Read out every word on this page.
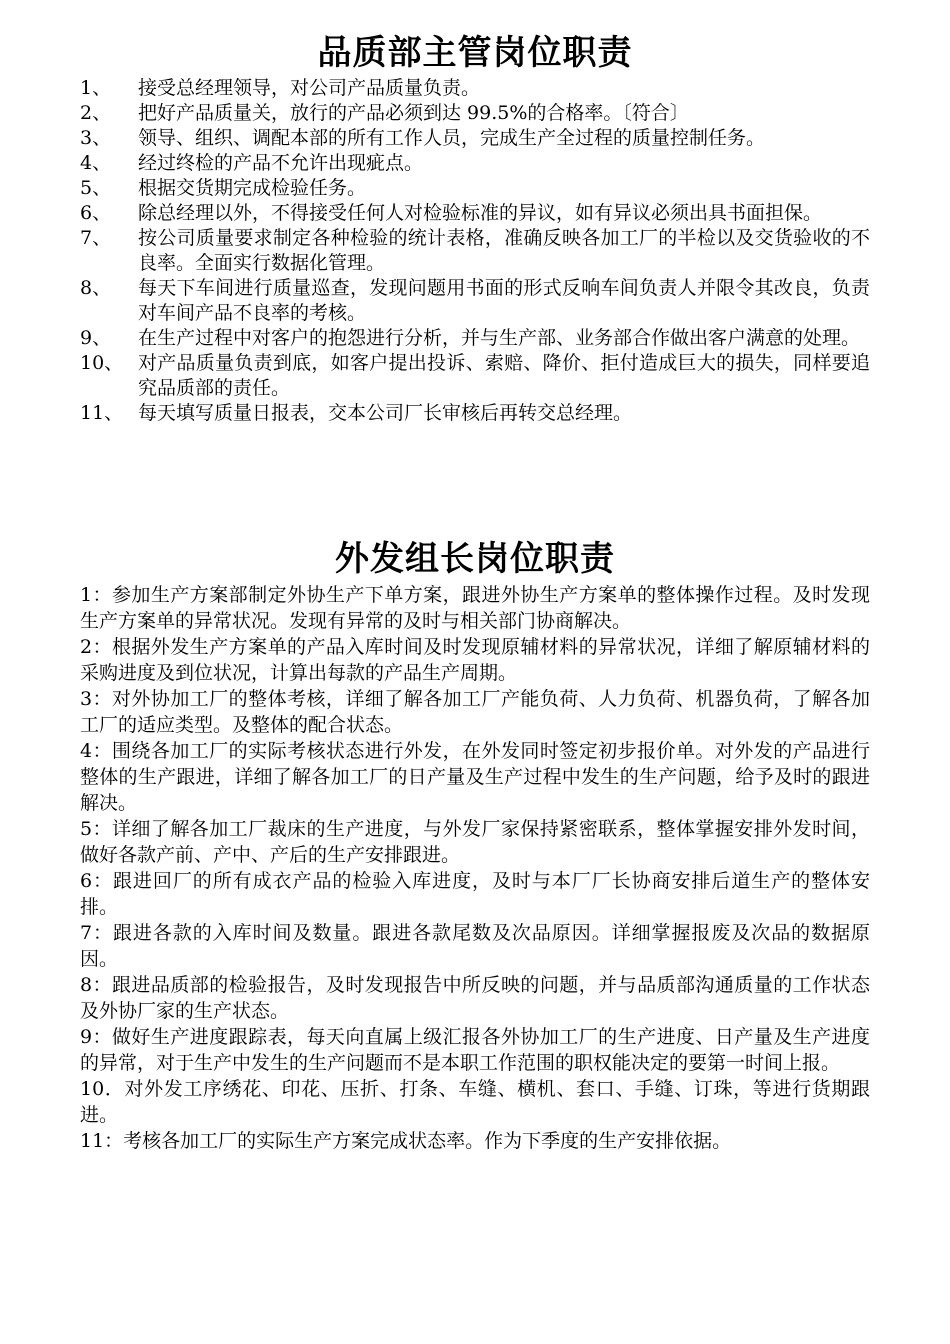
品质部主管岗位职责
1、	接受总经理领导，对公司产品质量负责。
2、	把好产品质量关，放行的产品必须到达 99.5%的合格率。〔符合〕
3、	领导、组织、调配本部的所有工作人员，完成生产全过程的质量控制任务。
4、	经过终检的产品不允许出现疵点。
5、	根据交货期完成检验任务。
6、	除总经理以外，不得接受任何人对检验标准的异议，如有异议必须出具书面担保。
7、	按公司质量要求制定各种检验的统计表格，准确反映各加工厂的半检以及交货验收的不良率。全面实行数据化管理。
8、	每天下车间进行质量巡查，发现问题用书面的形式反响车间负责人并限令其改良，负责对车间产品不良率的考核。
9、	在生产过程中对客户的抱怨进行分析，并与生产部、业务部合作做出客户满意的处理。
10、 对产品质量负责到底，如客户提出投诉、索赔、降价、拒付造成巨大的损失，同样要追究品质部的责任。
11、 每天填写质量日报表，交本公司厂长审核后再转交总经理。
外发组长岗位职责
1：参加生产方案部制定外协生产下单方案，跟进外协生产方案单的整体操作过程。及时发现生产方案单的异常状况。发现有异常的及时与相关部门协商解决。
2：根据外发生产方案单的产品入库时间及时发现原辅材料的异常状况，详细了解原辅材料的采购进度及到位状况，计算出每款的产品生产周期。
3：对外协加工厂的整体考核，详细了解各加工厂产能负荷、人力负荷、机器负荷，了解各加工厂的适应类型。及整体的配合状态。
4：围绕各加工厂的实际考核状态进行外发，在外发同时签定初步报价单。对外发的产品进行整体的生产跟进，详细了解各加工厂的日产量及生产过程中发生的生产问题，给予及时的跟进解决。
5：详细了解各加工厂裁床的生产进度，与外发厂家保持紧密联系，整体掌握安排外发时间，做好各款产前、产中、产后的生产安排跟进。
6：跟进回厂的所有成衣产品的检验入库进度，及时与本厂厂长协商安排后道生产的整体安排。
7：跟进各款的入库时间及数量。跟进各款尾数及次品原因。详细掌握报废及次品的数据原因。
8：跟进品质部的检验报告，及时发现报告中所反映的问题，并与品质部沟通质量的工作状态及外协厂家的生产状态。
9：做好生产进度跟踪表，每天向直属上级汇报各外协加工厂的生产进度、日产量及生产进度的异常，对于生产中发生的生产问题而不是本职工作范围的职权能决定的要第一时间上报。
10．对外发工序绣花、印花、压折、打条、车缝、横机、套口、手缝、订珠，等进行货期跟进。
11：考核各加工厂的实际生产方案完成状态率。作为下季度的生产安排依据。
